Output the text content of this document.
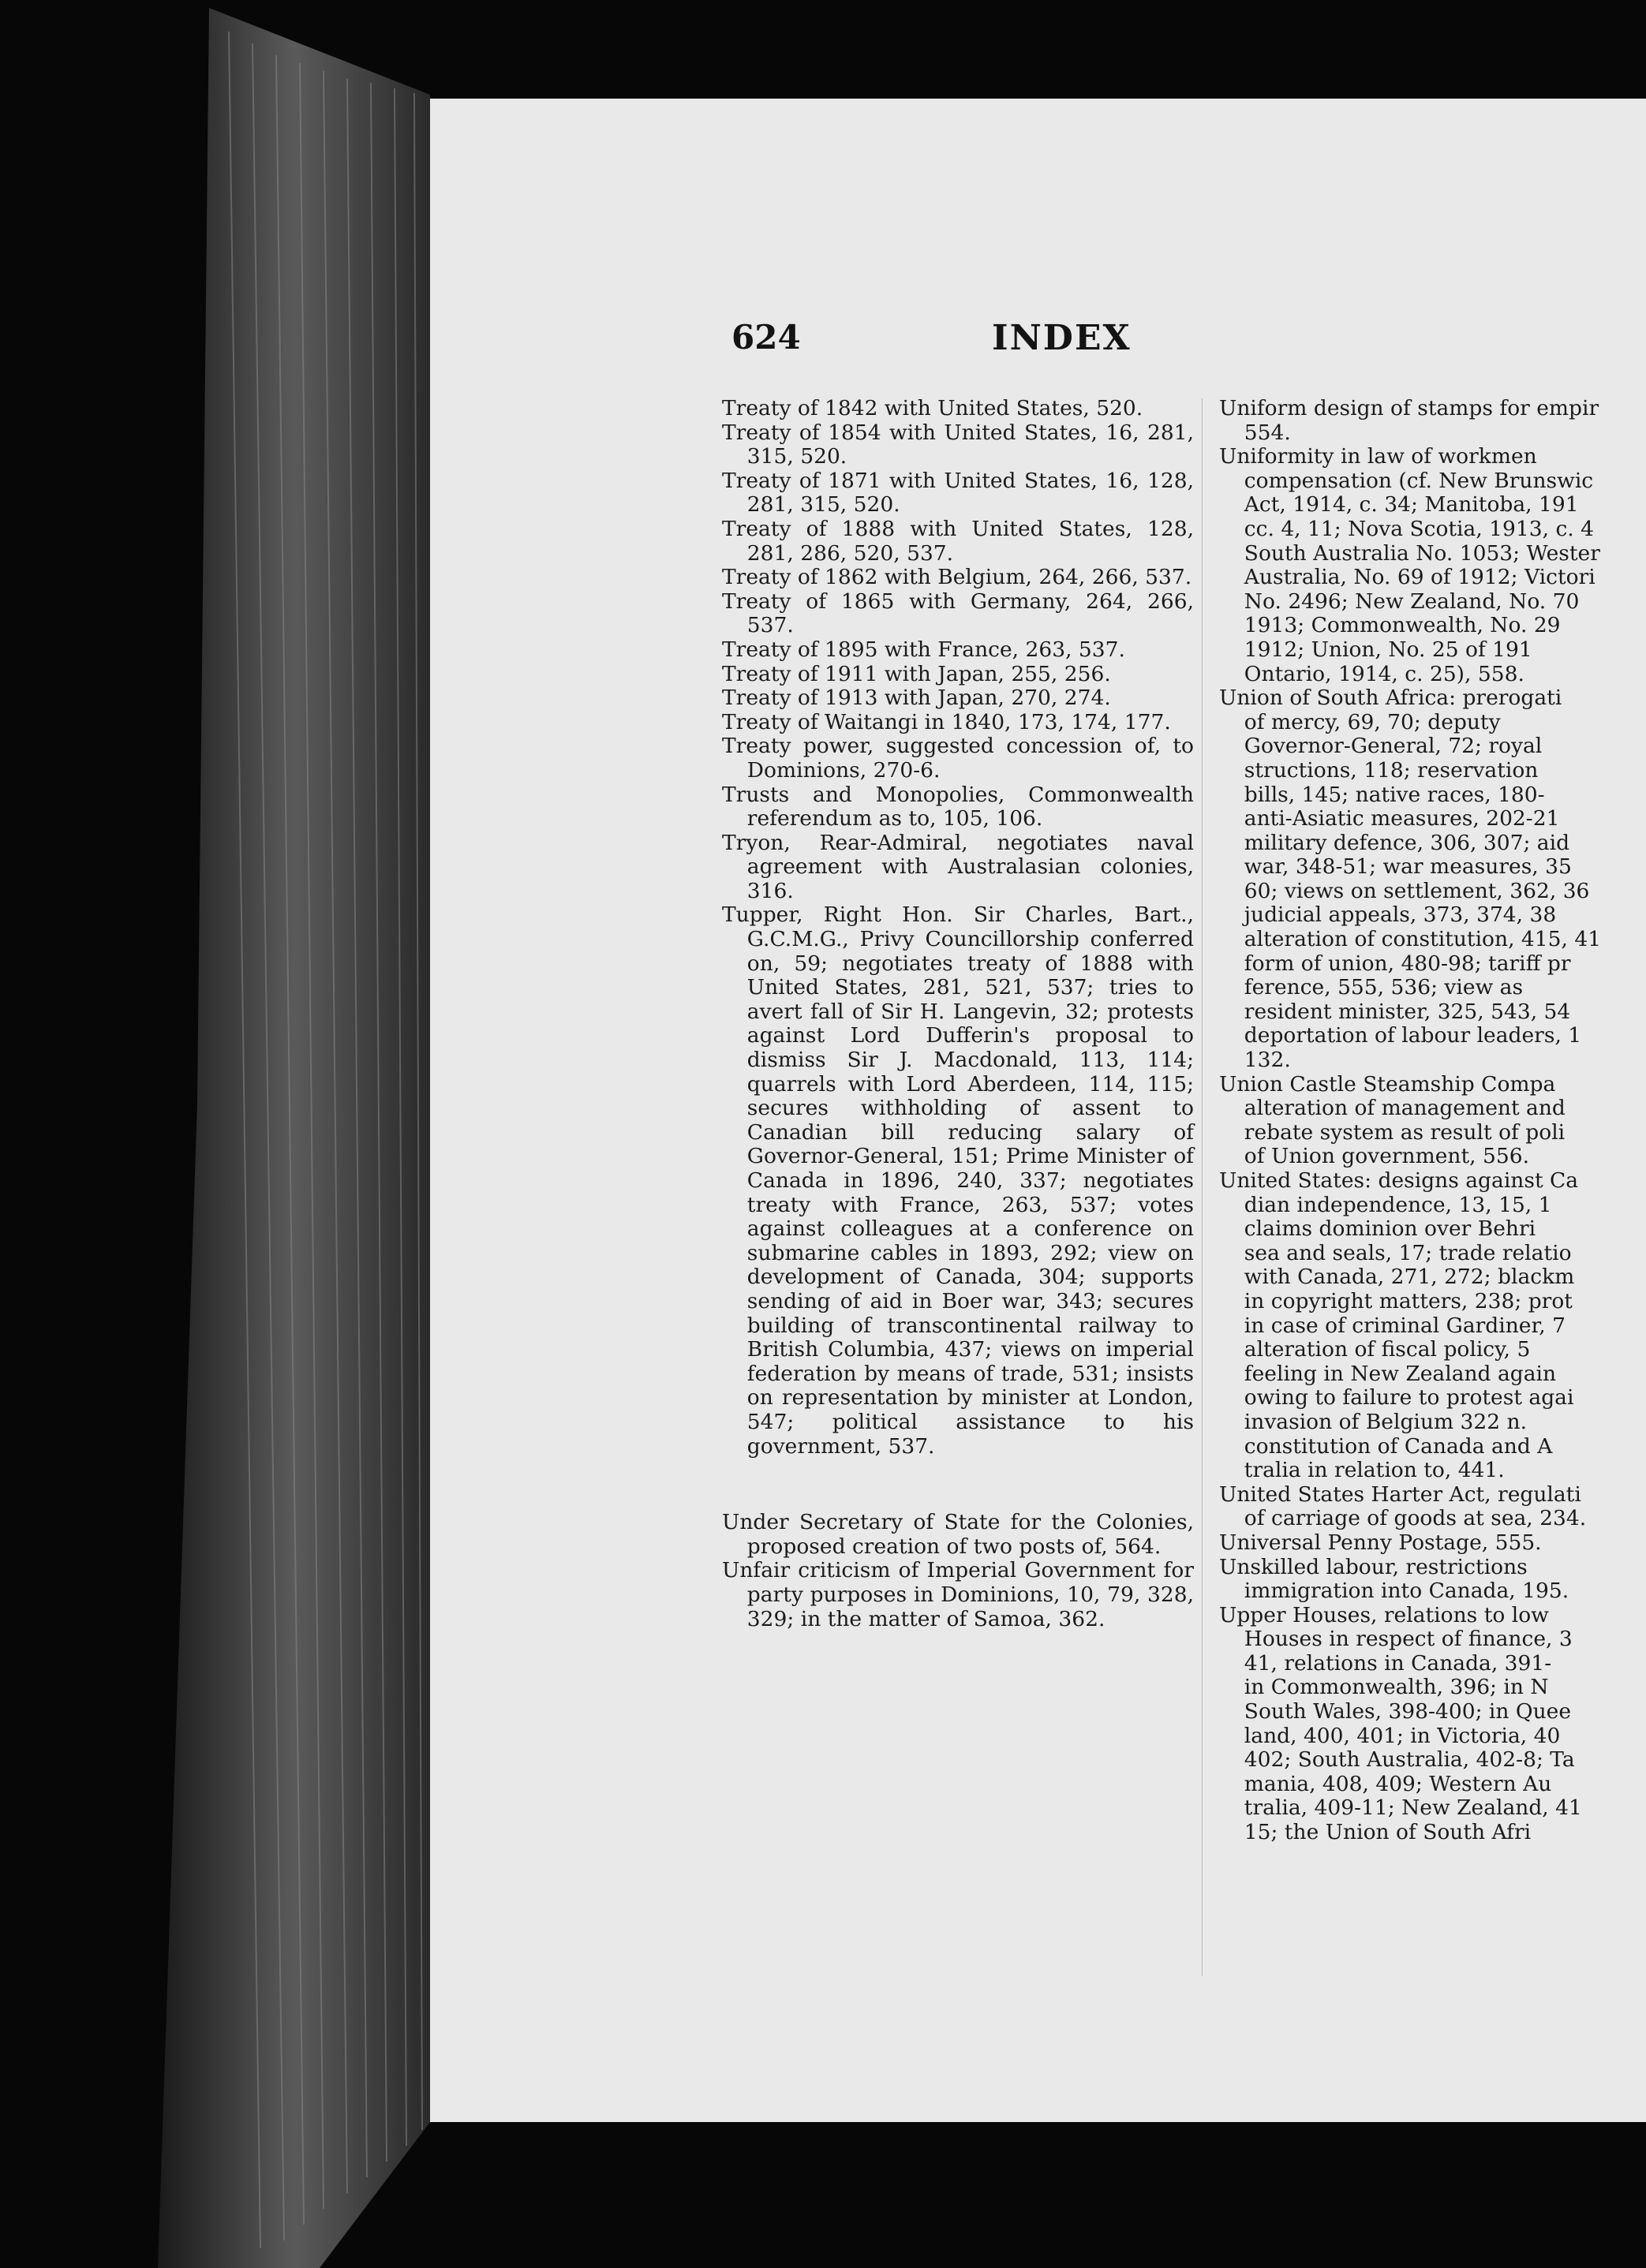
624	INDEX

Treaty of 1842 with United States, 520.

Treaty of 1854 with United States, 16, 281, 315, 520.

Treaty of 1871 with United States, 16, 128, 281, 315, 520.

Treaty of 1888 with United States, 128, 281, 286, 520, 537.

Treaty of 1862 with Belgium, 264, 266, 537.

Treaty of 1865 with Germany, 264, 266, 537.

Treaty of 1895 with France, 263, 537.

Treaty of 1911 with Japan, 255, 256.

Treaty of 1913 with Japan, 270, 274.

Treaty of Waitangi in 1840, 173, 174, 177.

Treaty power, suggested concession of, to Dominions, 270-6.

Trusts and Monopolies, Commonwealth referendum as to, 105, 106.

Tryon, Rear-Admiral, negotiates naval agreement with Australasian colonies, 316.

Tupper, Right Hon. Sir Charles, Bart., G.C.M.G., Privy Councillorship conferred on, 59; negotiates treaty of 1888 with United States, 281, 521, 537; tries to avert fall of Sir H. Langevin, 32; protests against Lord Dufferin's proposal to dismiss Sir J. Macdonald, 113, 114; quarrels with Lord Aberdeen, 114, 115; secures withholding of assent to Canadian bill reducing salary of Governor-General, 151; Prime Minister of Canada in 1896, 240, 337; negotiates treaty with France, 263, 537; votes against colleagues at a conference on submarine cables in 1893, 292; view on development of Canada, 304; supports sending of aid in Boer war, 343; secures building of transcontinental railway to British Columbia, 437; views on imperial federation by means of trade, 531; insists on representation by minister at London, 547; political assistance to his government, 537.

Under Secretary of State for the Colonies, proposed creation of two posts of, 564.

Unfair criticism of Imperial Government for party purposes in Dominions, 10, 79, 328, 329; in the matter of Samoa, 362.

Uniform design of stamps for empir
554.
Uniformity in law of workmen
compensation (cf. New Brunswic
Act, 1914, c. 34; Manitoba, 191
cc. 4, 11; Nova Scotia, 1913, c. 4
South Australia No. 1053; Wester
Australia, No. 69 of 1912; Victori
No. 2496; New Zealand, No. 70
1913; Commonwealth, No. 29
1912; Union, No. 25 of 191
Ontario, 1914, c. 25), 558.
Union of South Africa: prerogati
of mercy, 69, 70; deputy
Governor-General, 72; royal
structions, 118; reservation
bills, 145; native races, 180-
anti-Asiatic measures, 202-21
military defence, 306, 307; aid
war, 348-51; war measures, 35
60; views on settlement, 362, 36
judicial appeals, 373, 374, 38
alteration of constitution, 415, 41
form of union, 480-98; tariff pr
ference, 555, 536; view as
resident minister, 325, 543, 54
deportation of labour leaders, 1
132.
Union Castle Steamship Compa
alteration of management and
rebate system as result of poli
of Union government, 556.
United States: designs against Ca
dian independence, 13, 15, 1
claims dominion over Behri
sea and seals, 17; trade relatio
with Canada, 271, 272; blackm
in copyright matters, 238; prot
in case of criminal Gardiner, 7
alteration of fiscal policy, 5
feeling in New Zealand again
owing to failure to protest agai
invasion of Belgium 322 n.
constitution of Canada and A
tralia in relation to, 441.
United States Harter Act, regulati
of carriage of goods at sea, 234.
Universal Penny Postage, 555.
Unskilled labour, restrictions
immigration into Canada, 195.
Upper Houses, relations to low
Houses in respect of finance, 3
41, relations in Canada, 391-
in Commonwealth, 396; in N
South Wales, 398-400; in Quee
land, 400, 401; in Victoria, 40
402; South Australia, 402-8; Ta
mania, 408, 409; Western Au
tralia, 409-11; New Zealand, 41
15; the Union of South Afri
